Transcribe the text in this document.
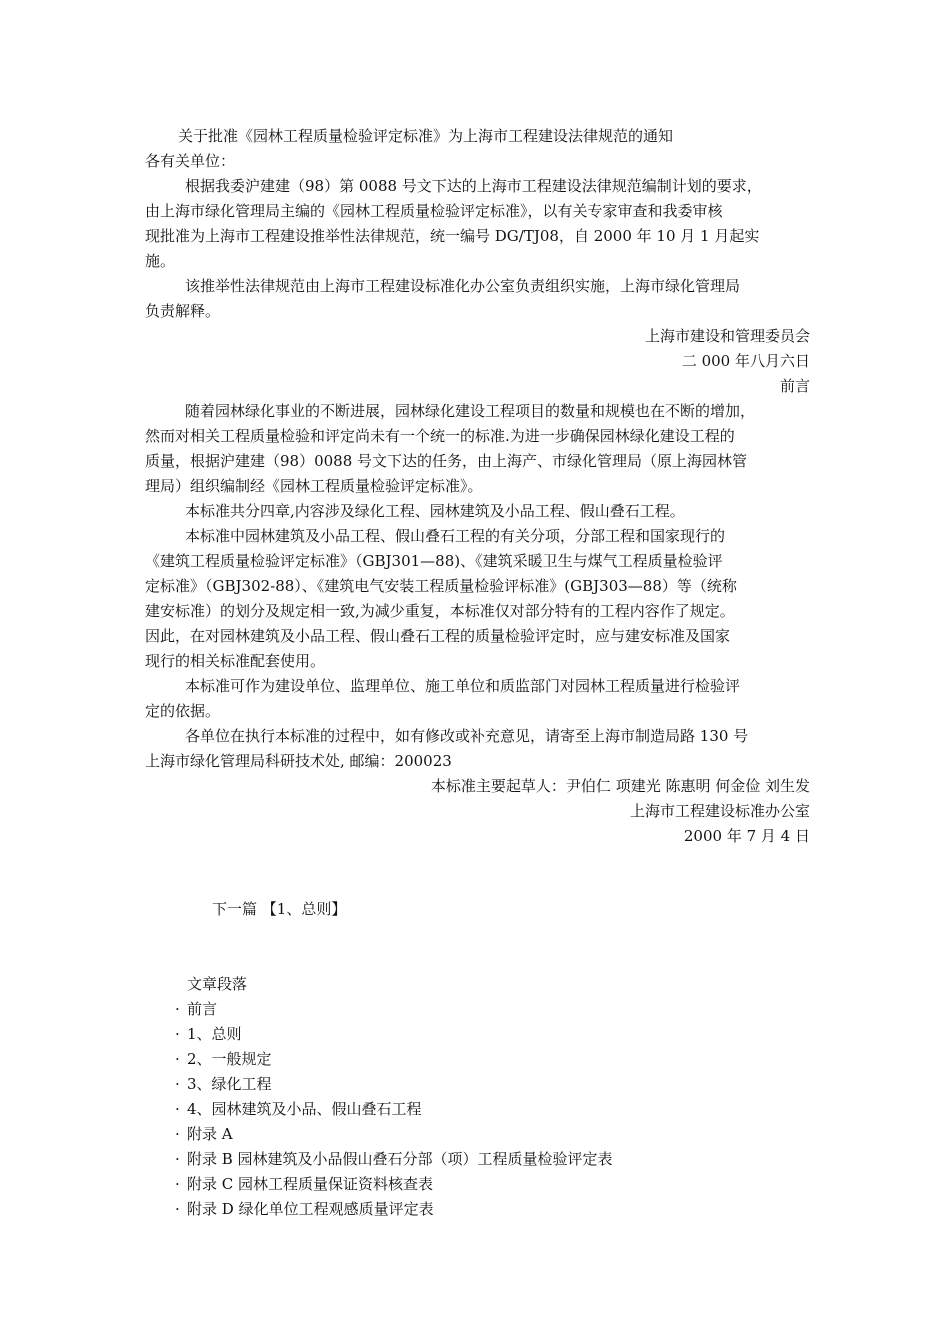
关于批准《园林工程质量检验评定标准》为上海市工程建设法律规范的通知
各有关单位：
根据我委沪建建（98）第 0088 号文下达的上海市工程建设法律规范编制计划的要求，
由上海市绿化管理局主编的《园林工程质量检验评定标准》，以有关专家审查和我委审核
现批准为上海市工程建设推举性法律规范，统一编号 DG/TJ08，自 2000 年 10 月 1 月起实
施。
该推举性法律规范由上海市工程建设标准化办公室负责组织实施，上海市绿化管理局
负责解释。
上海市建设和管理委员会
二 000 年八月六日
前言
随着园林绿化事业的不断进展，园林绿化建设工程项目的数量和规模也在不断的增加，
然而对相关工程质量检验和评定尚未有一个统一的标准.为进一步确保园林绿化建设工程的
质量，根据沪建建（98）0088 号文下达的任务，由上海产、市绿化管理局（原上海园林管
理局）组织编制经《园林工程质量检验评定标准》。
本标准共分四章,内容涉及绿化工程、园林建筑及小品工程、假山叠石工程。
本标准中园林建筑及小品工程、假山叠石工程的有关分项，分部工程和国家现行的
《建筑工程质量检验评定标准》（GBJ301—88)、《建筑采暖卫生与煤气工程质量检验评
定标准》（GBJ302-88）、《建筑电气安装工程质量检验评标准》(GBJ303—88）等（统称
建安标准）的划分及规定相一致,为减少重复，本标准仅对部分特有的工程内容作了规定。
因此，在对园林建筑及小品工程、假山叠石工程的质量检验评定时，应与建安标准及国家
现行的相关标准配套使用。
本标准可作为建设单位、监理单位、施工单位和质监部门对园林工程质量进行检验评
定的依据。
各单位在执行本标准的过程中，如有修改或补充意见，请寄至上海市制造局路 130 号
上海市绿化管理局科研技术处, 邮编：200023
本标准主要起草人：尹伯仁 项建光 陈惠明 何金俭 刘生发
上海市工程建设标准办公室
2000 年 7 月 4 日
下一篇 【1、总则】
文章段落
· 前言
· 1、总则
· 2、一般规定
· 3、绿化工程
· 4、园林建筑及小品、假山叠石工程
· 附录 A
· 附录 B 园林建筑及小品假山叠石分部（项）工程质量检验评定表
· 附录 C 园林工程质量保证资料核查表
· 附录 D 绿化单位工程观感质量评定表
